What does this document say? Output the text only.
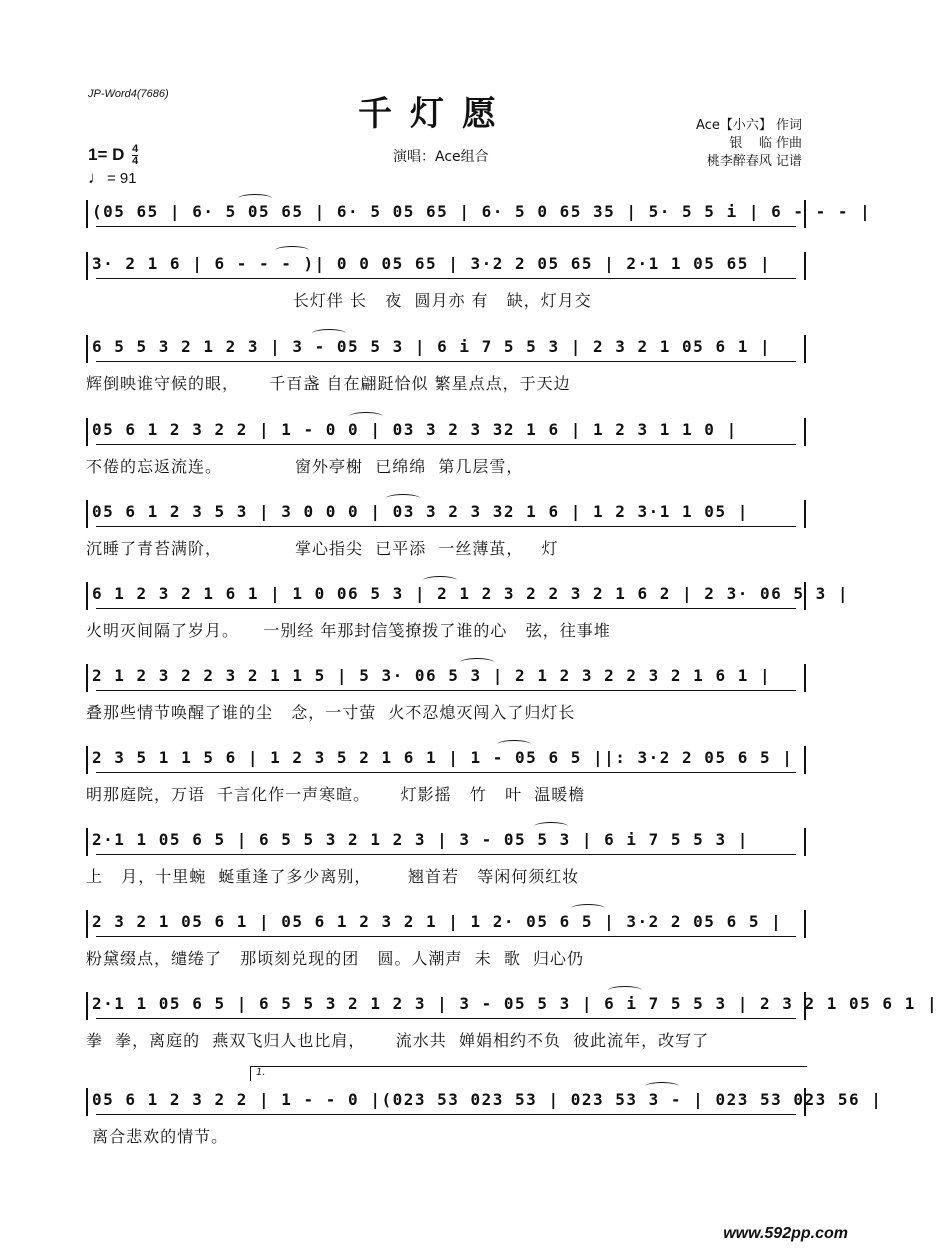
JP-Word4(7686)	千灯愿
演唱：Ace组合
Ace【小六】 作词
银    临 作曲
桃李醉春风 记谱
1= D $\frac{4}{4}$
♩ = 91
(05 65 | 6· 5 05 65 | 6· 5 05 65 | 6· 5 0 65 35 | 5· 5 5 i | 6 - - - |
3· 2 1 6 | 6 - - - )| 0 0 05 65 | 3·2 2 05 65 | 2·1 1 05 65 |
长灯伴 长   夜  圆月亦 有   缺，灯月交
6 5 5 3 2 1 2 3 | 3 - 05 5 3 | 6 i 7 5 5 3 | 2 3 2 1 05 6 1 |
辉倒映谁守候的眼，     千百盏 自在翩跹恰似 繁星点点，于天边
05 6 1 2 3 2 2 | 1 - 0 0 | 03 3 2 3 32 1 6 | 1 2 3 1 1 0 |
不倦的忘返流连。            窗外亭榭  已绵绵  第几层雪，
05 6 1 2 3 5 3 | 3 0 0 0 | 03 3 2 3 32 1 6 | 1 2 3·1 1 05 |
沉睡了青苔满阶，            掌心指尖  已平添  一丝薄茧，   灯
6 1 2 3 2 1 6 1 | 1 0 06 5 3 | 2 1 2 3 2 2 3 2 1 6 2 | 2 3· 06 5 3 |
火明灭间隔了岁月。    一别经 年那封信笺撩拨了谁的心   弦，往事堆
2 1 2 3 2 2 3 2 1 1 5 | 5 3· 06 5 3 | 2 1 2 3 2 2 3 2 1 6 1 |
叠那些情节唤醒了谁的尘   念，一寸萤  火不忍熄灭闯入了归灯长
2 3 5 1 1 5 6 | 1 2 3 5 2 1 6 1 | 1 - 05 6 5 ||: 3·2 2 05 6 5 |
明那庭院，万语  千言化作一声寒暄。     灯影摇   竹   叶  温暖檐
2·1 1 05 6 5 | 6 5 5 3 2 1 2 3 | 3 - 05 5 3 | 6 i 7 5 5 3 |
上   月，十里蜿  蜒重逢了多少离别，      翘首若   等闲何须红妆
2 3 2 1 05 6 1 | 05 6 1 2 3 2 1 | 1 2· 05 6 5 | 3·2 2 05 6 5 |
粉黛缀点，缱绻了   那顷刻兑现的团   圆。人潮声  未  歌  归心仍
2·1 1 05 6 5 | 6 5 5 3 2 1 2 3 | 3 - 05 5 3 | 6 i 7 5 5 3 | 2 3 2 1 05 6 1 |
拳  拳，离庭的  燕双飞归人也比肩，     流水共  婵娟相约不负  彼此流年，改写了
05 6 1 2 3 2 2 | 1 - - 0 |(023 53 023 53 | 023 53 3 - | 023 53 023 56 |
离合悲欢的情节。
1.
www.592pp.com
